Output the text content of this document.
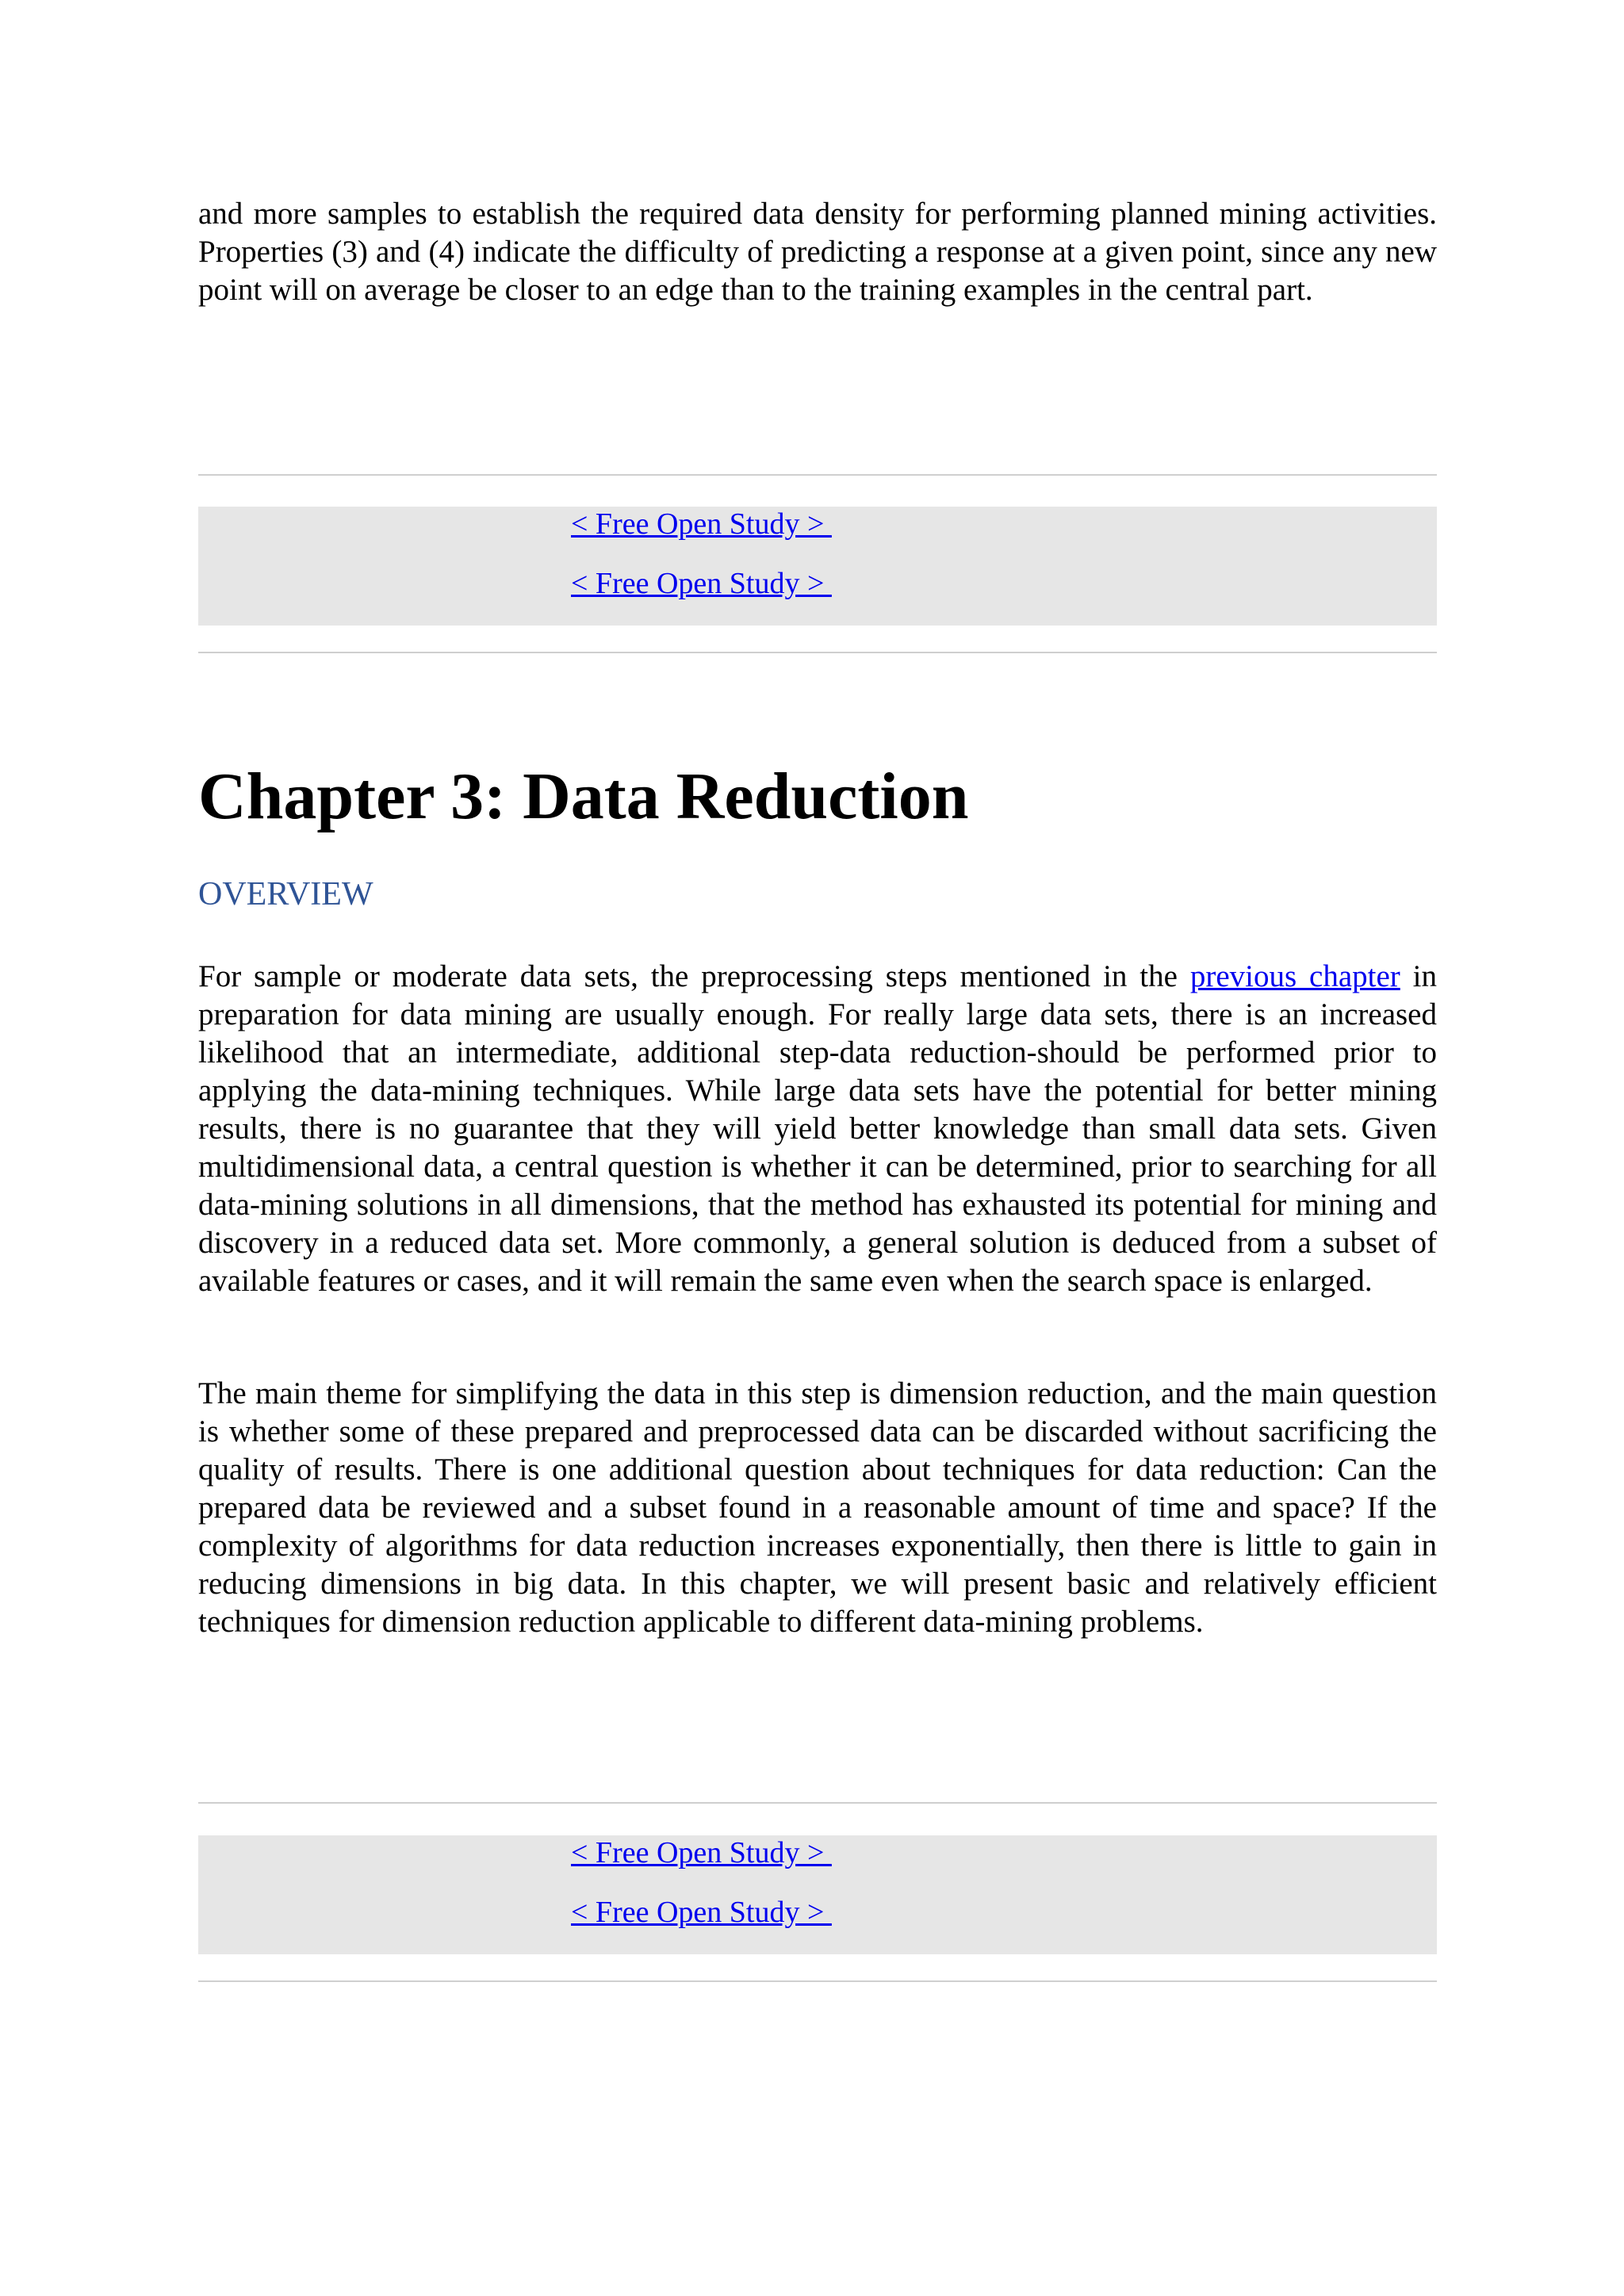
and more samples to establish the required data density for performing planned mining activities. Properties (3) and (4) indicate the difficulty of predicting a response at a given point, since any new point will on average be closer to an edge than to the training examples in the central part.

< Free Open Study >
< Free Open Study >
Chapter 3: Data Reduction
OVERVIEW

For sample or moderate data sets, the preprocessing steps mentioned in the previous chapter in preparation for data mining are usually enough. For really large data sets, there is an increased likelihood that an intermediate, additional step-data reduction-should be performed prior to applying the data-mining techniques. While large data sets have the potential for better mining results, there is no guarantee that they will yield better knowledge than small data sets. Given multidimensional data, a central question is whether it can be determined, prior to searching for all data-mining solutions in all dimensions, that the method has exhausted its potential for mining and discovery in a reduced data set. More commonly, a general solution is deduced from a subset of available features or cases, and it will remain the same even when the search space is enlarged.

The main theme for simplifying the data in this step is dimension reduction, and the main question is whether some of these prepared and preprocessed data can be discarded without sacrificing the quality of results. There is one additional question about techniques for data reduction: Can the prepared data be reviewed and a subset found in a reasonable amount of time and space? If the complexity of algorithms for data reduction increases exponentially, then there is little to gain in reducing dimensions in big data. In this chapter, we will present basic and relatively efficient techniques for dimension reduction applicable to different data-mining problems.

< Free Open Study >
< Free Open Study >
